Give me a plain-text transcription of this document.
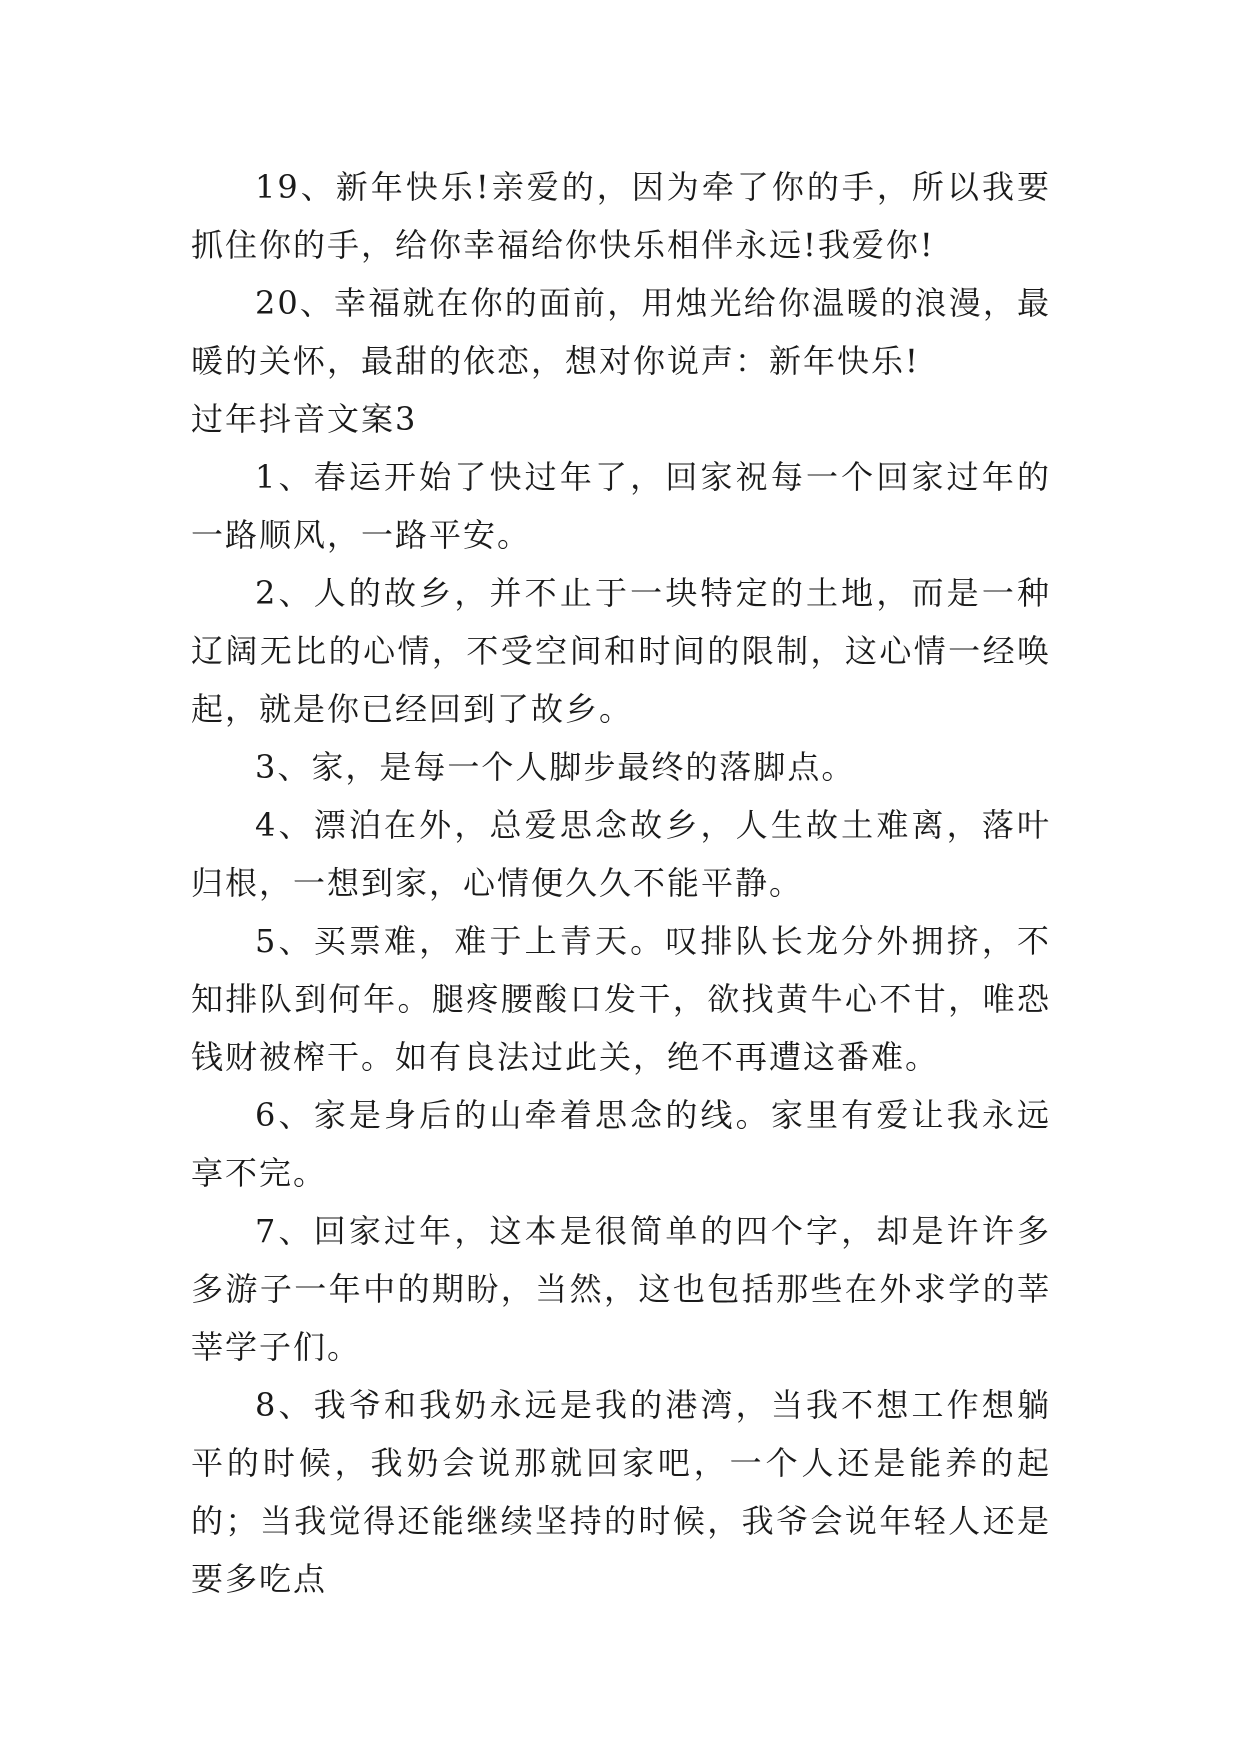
19、新年快乐!亲爱的，因为牵了你的手，所以我要抓住你的手，给你幸福给你快乐相伴永远!我爱你!

20、幸福就在你的面前，用烛光给你温暖的浪漫，最暖的关怀，最甜的依恋，想对你说声：新年快乐!

过年抖音文案3

1、春运开始了快过年了，回家祝每一个回家过年的一路顺风，一路平安。

2、人的故乡，并不止于一块特定的土地，而是一种辽阔无比的心情，不受空间和时间的限制，这心情一经唤起，就是你已经回到了故乡。

3、家，是每一个人脚步最终的落脚点。

4、漂泊在外，总爱思念故乡，人生故土难离，落叶归根，一想到家，心情便久久不能平静。

5、买票难，难于上青天。叹排队长龙分外拥挤，不知排队到何年。腿疼腰酸口发干，欲找黄牛心不甘，唯恐钱财被榨干。如有良法过此关，绝不再遭这番难。

6、家是身后的山牵着思念的线。家里有爱让我永远享不完。

7、回家过年，这本是很简单的四个字，却是许许多多游子一年中的期盼，当然，这也包括那些在外求学的莘莘学子们。

8、我爷和我奶永远是我的港湾，当我不想工作想躺平的时候，我奶会说那就回家吧，一个人还是能养的起的；当我觉得还能继续坚持的时候，我爷会说年轻人还是要多吃点
